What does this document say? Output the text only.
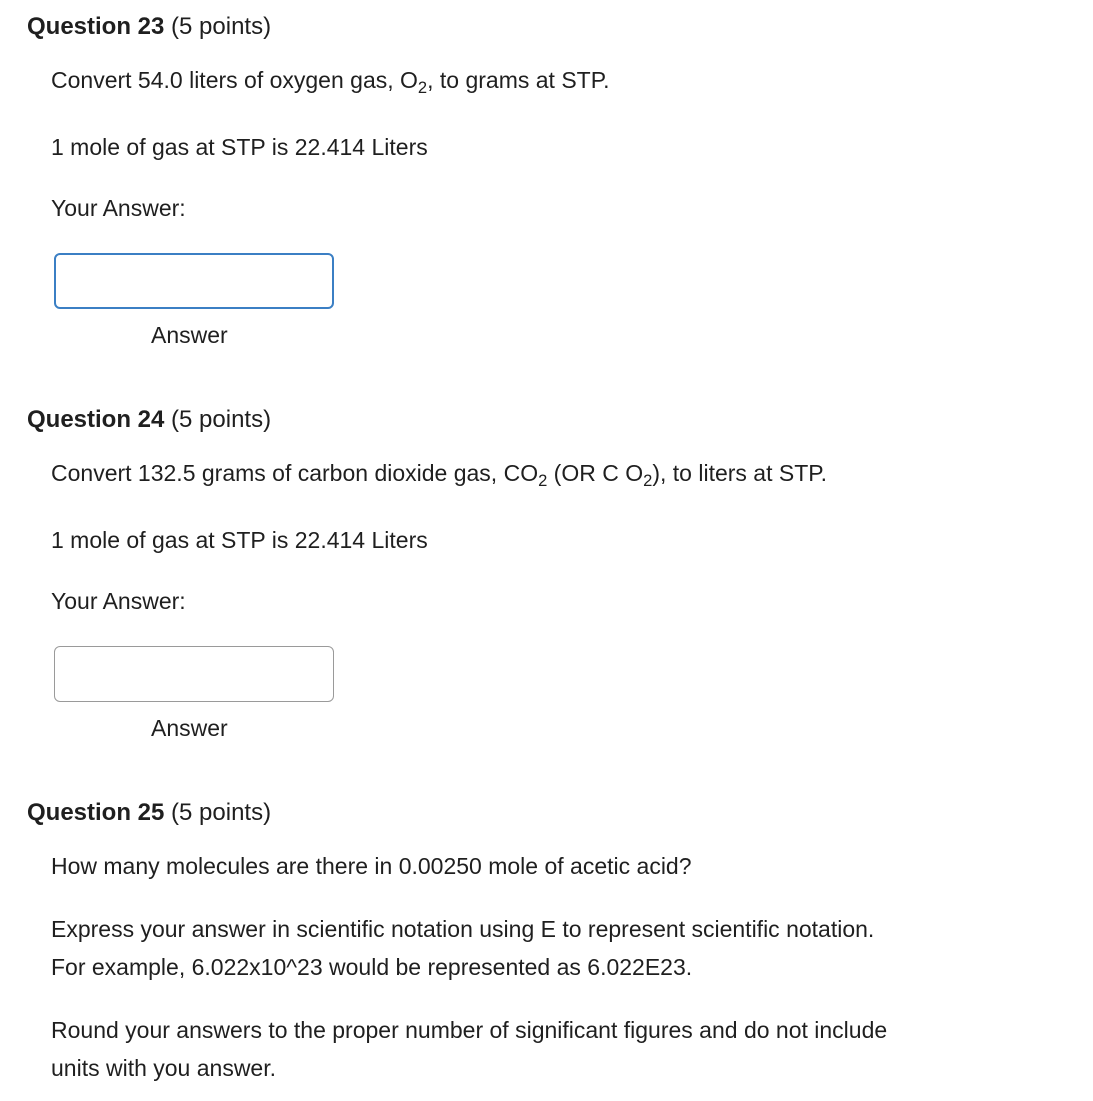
Question 23 (5 points)
Convert 54.0 liters of oxygen gas, $O_2$, to grams at STP.
1 mole of gas at STP is 22.414 Liters
Your Answer:
Answer
Question 24 (5 points)
Convert 132.5 grams of carbon dioxide gas, $CO_2$ (OR C $O_2$), to liters at STP.
1 mole of gas at STP is 22.414 Liters
Your Answer:
Answer
Question 25 (5 points)
How many molecules are there in 0.00250 mole of acetic acid?
Express your answer in scientific notation using E to represent scientific notation.
For example, 6.022x10^23 would be represented as 6.022E23.
Round your answers to the proper number of significant figures and do not include
units with you answer.
